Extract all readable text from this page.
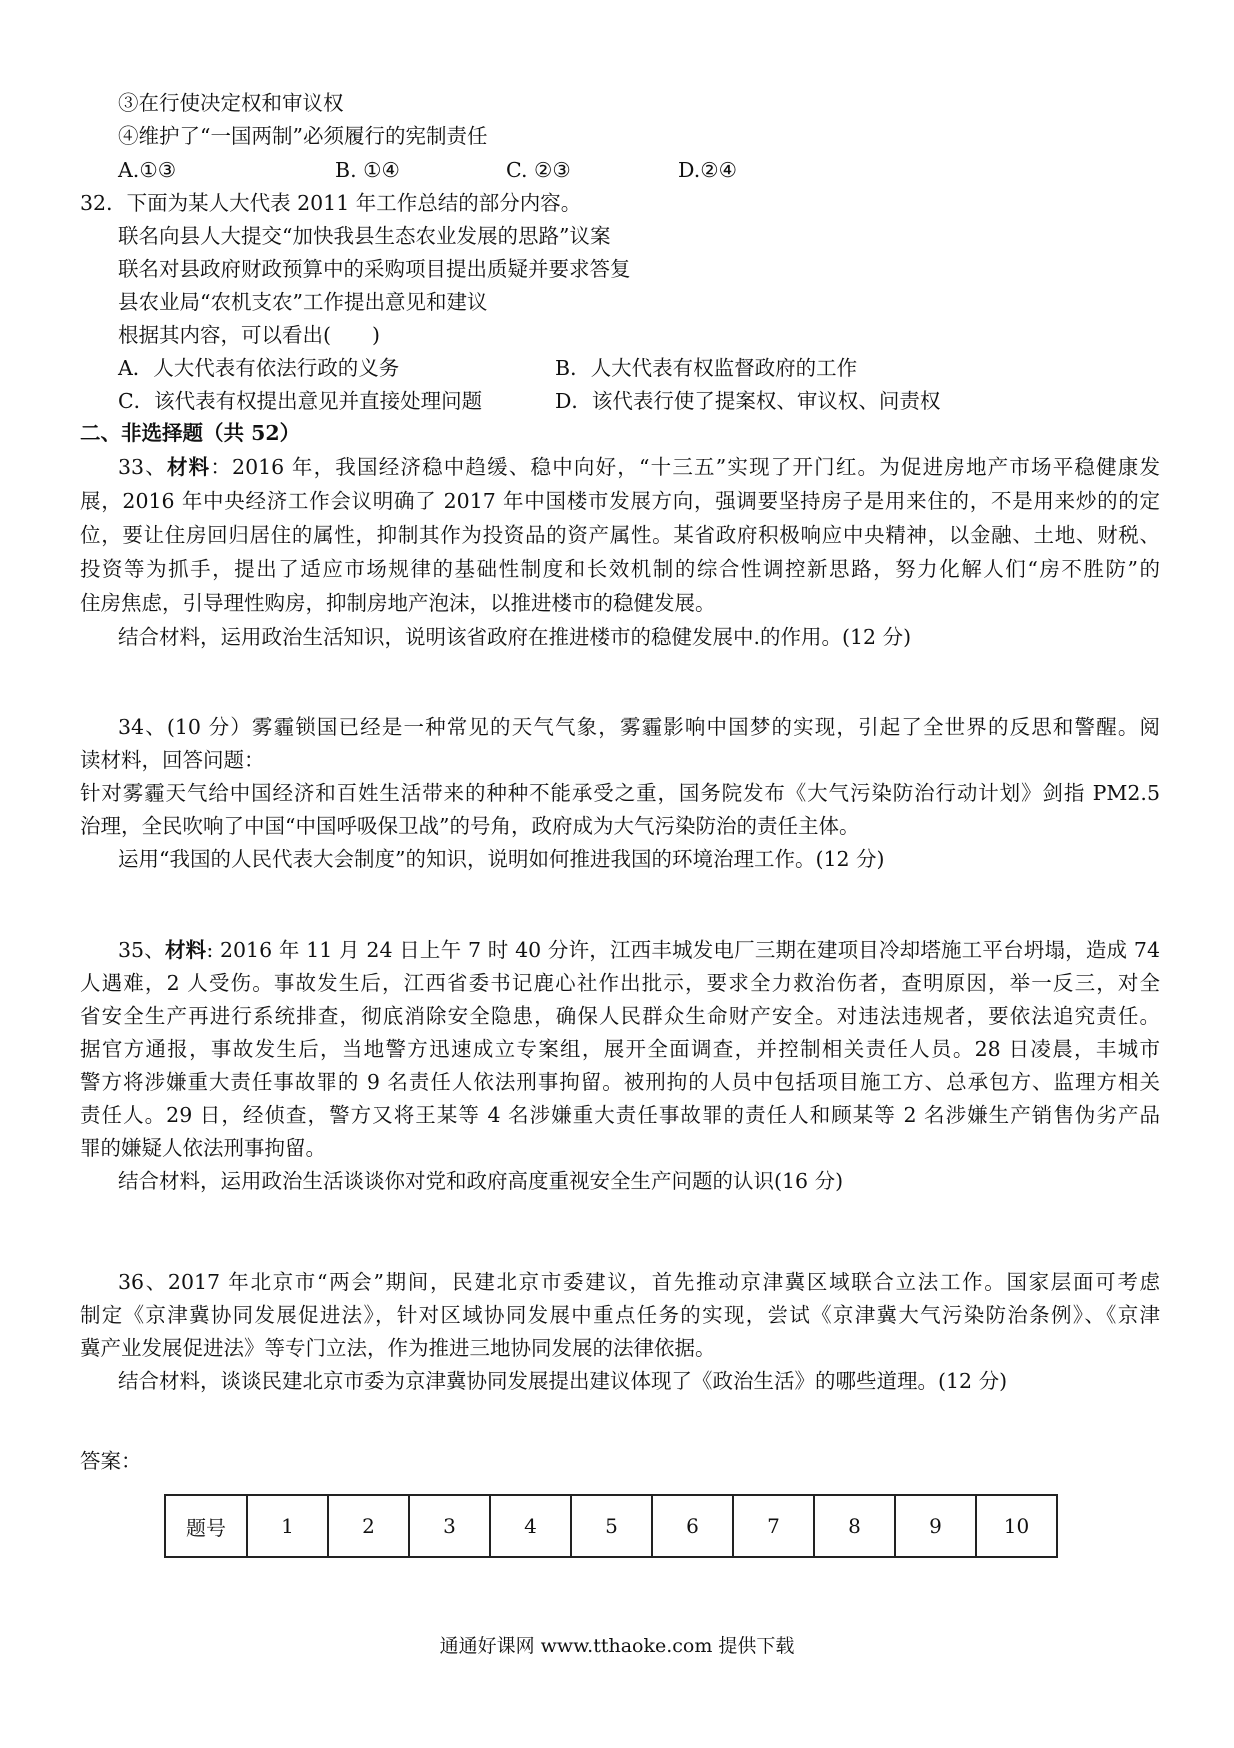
③在行使决定权和审议权
④维护了“一国两制”必须履行的宪制责任
A.①③	B. ①④	C. ②③	D.②④
32．下面为某人大代表 2011 年工作总结的部分内容。
联名向县人大提交“加快我县生态农业发展的思路”议案
联名对县政府财政预算中的采购项目提出质疑并要求答复
县农业局“农机支农”工作提出意见和建议
根据其内容，可以看出(　　)
A．人大代表有依法行政的义务	B．人大代表有权监督政府的工作
C．该代表有权提出意见并直接处理问题	D．该代表行使了提案权、审议权、问责权
二、非选择题（共 52）
33、材料：2016 年，我国经济稳中趋缓、稳中向好，“十三五”实现了开门红。为促进房地产市场平稳健康发
展，2016 年中央经济工作会议明确了 2017 年中国楼市发展方向，强调要坚持房子是用来住的，不是用来炒的的定
位，要让住房回归居住的属性，抑制其作为投资品的资产属性。某省政府积极响应中央精神，以金融、土地、财税、
投资等为抓手，提出了适应市场规律的基础性制度和长效机制的综合性调控新思路，努力化解人们“房不胜防”的
住房焦虑，引导理性购房，抑制房地产泡沫，以推进楼市的稳健发展。
结合材料，运用政治生活知识，说明该省政府在推进楼市的稳健发展中.的作用。(12 分)
34、(10 分）雾霾锁国已经是一种常见的天气气象，雾霾影响中国梦的实现，引起了全世界的反思和警醒。阅
读材料，回答问题：
针对雾霾天气给中国经济和百姓生活带来的种种不能承受之重，国务院发布《大气污染防治行动计划》剑指 PM2.5
治理，全民吹响了中国“中国呼吸保卫战”的号角，政府成为大气污染防治的责任主体。
运用“我国的人民代表大会制度”的知识，说明如何推进我国的环境治理工作。(12 分)
35、材料: 2016 年 11 月 24 日上午 7 时 40 分许，江西丰城发电厂三期在建项目冷却塔施工平台坍塌，造成 74
人遇难，2 人受伤。事故发生后，江西省委书记鹿心社作出批示，要求全力救治伤者，查明原因，举一反三，对全
省安全生产再进行系统排查，彻底消除安全隐患，确保人民群众生命财产安全。对违法违规者，要依法追究责任。
据官方通报，事故发生后，当地警方迅速成立专案组，展开全面调查，并控制相关责任人员。28 日凌晨，丰城市
警方将涉嫌重大责任事故罪的 9 名责任人依法刑事拘留。被刑拘的人员中包括项目施工方、总承包方、监理方相关
责任人。29 日，经侦查，警方又将王某等 4 名涉嫌重大责任事故罪的责任人和顾某等 2 名涉嫌生产销售伪劣产品
罪的嫌疑人依法刑事拘留。
结合材料，运用政治生活谈谈你对党和政府高度重视安全生产问题的认识(16 分)
36、2017 年北京市“两会”期间，民建北京市委建议，首先推动京津冀区域联合立法工作。国家层面可考虑
制定《京津冀协同发展促进法》，针对区域协同发展中重点任务的实现，尝试《京津冀大气污染防治条例》、《京津
冀产业发展促进法》等专门立法，作为推进三地协同发展的法律依据。
结合材料，谈谈民建北京市委为京津冀协同发展提出建议体现了《政治生活》的哪些道理。(12 分)
答案：
题号	1	2	3	4	5	6	7	8	9	10
通通好课网 www.tthaoke.com 提供下载
